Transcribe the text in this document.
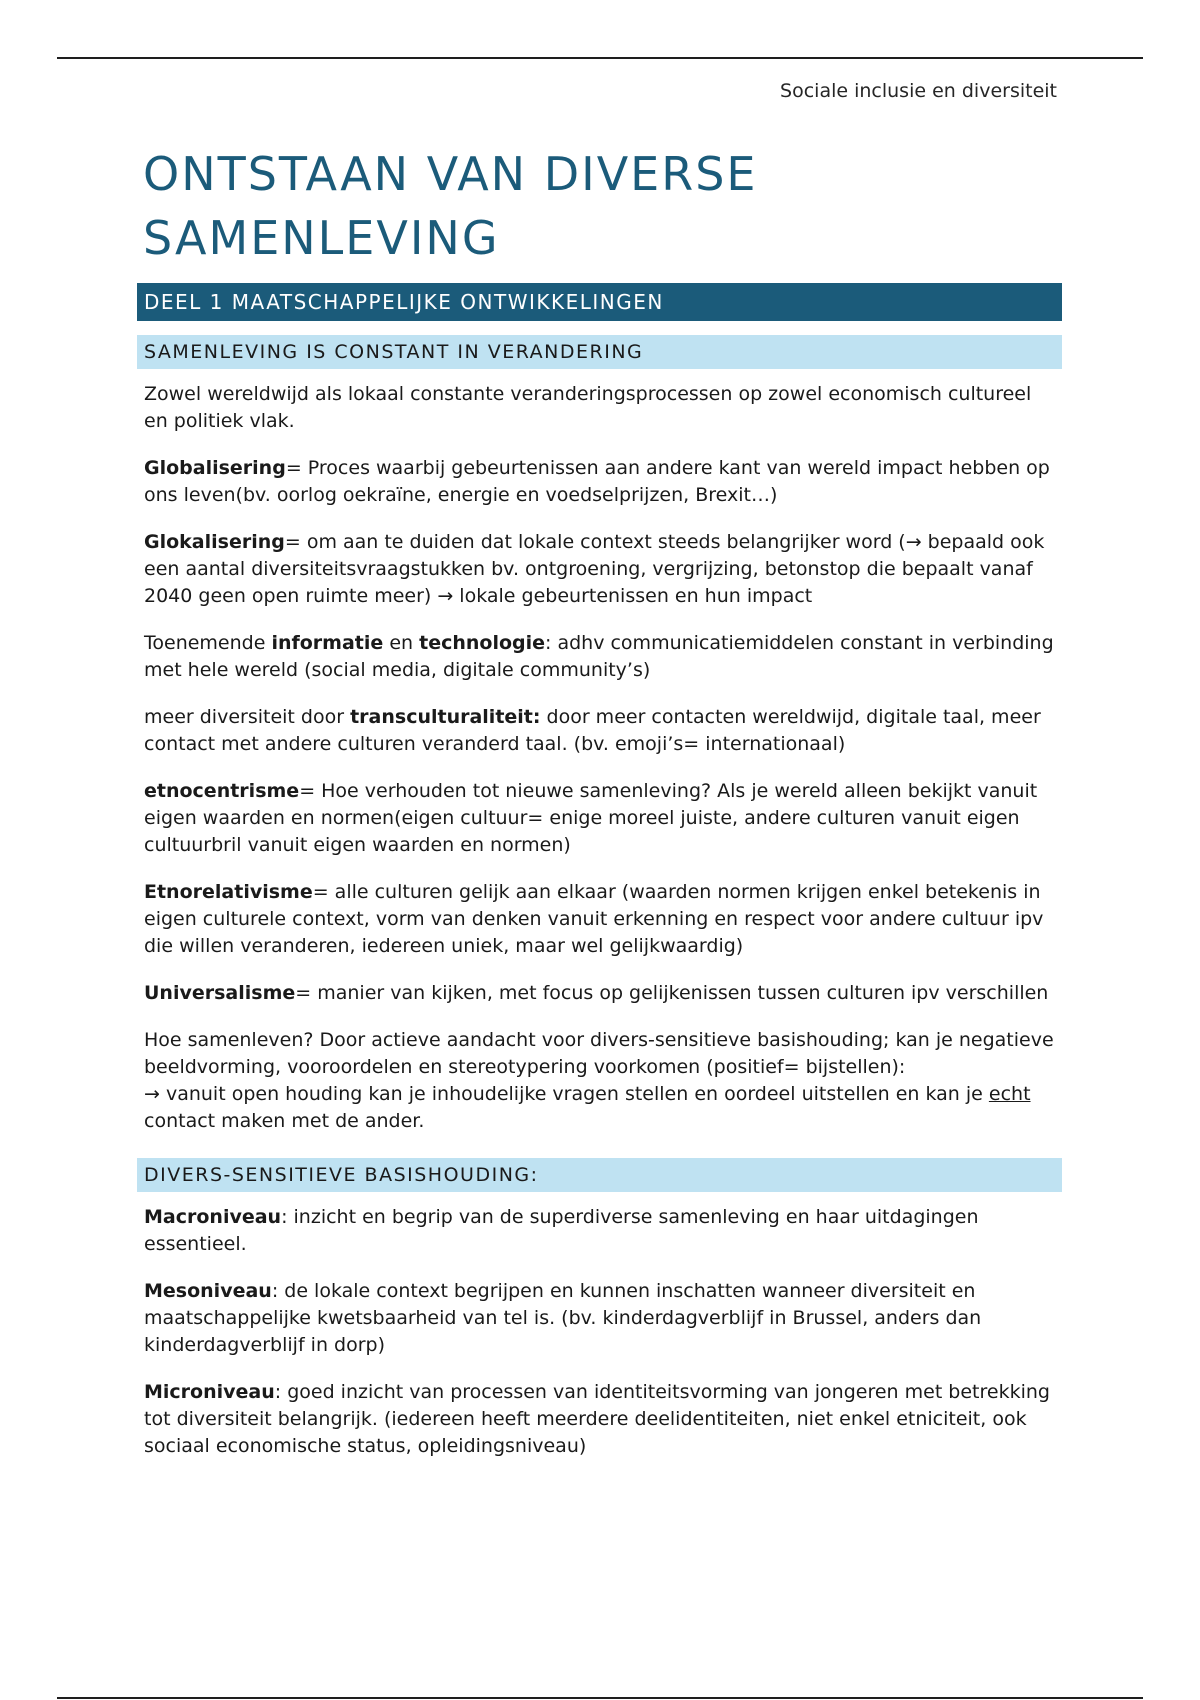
Sociale inclusie en diversiteit
ONTSTAAN VAN DIVERSE
SAMENLEVING
DEEL 1 MAATSCHAPPELIJKE ONTWIKKELINGEN
SAMENLEVING IS CONSTANT IN VERANDERING

Zowel wereldwijd als lokaal constante veranderingsprocessen op zowel economisch cultureel en politiek vlak.

Globalisering= Proces waarbij gebeurtenissen aan andere kant van wereld impact hebben op ons leven(bv. oorlog oekraïne, energie en voedselprijzen, Brexit…)

Glokalisering= om aan te duiden dat lokale context steeds belangrijker word (→ bepaald ook een aantal diversiteitsvraagstukken bv. ontgroening, vergrijzing, betonstop die bepaalt vanaf 2040 geen open ruimte meer) → lokale gebeurtenissen en hun impact

Toenemende informatie en technologie: adhv communicatiemiddelen constant in verbinding met hele wereld (social media, digitale community’s)

meer diversiteit door transculturaliteit: door meer contacten wereldwijd, digitale taal, meer contact met andere culturen veranderd taal. (bv. emoji’s= internationaal)

etnocentrisme= Hoe verhouden tot nieuwe samenleving? Als je wereld alleen bekijkt vanuit eigen waarden en normen(eigen cultuur= enige moreel juiste, andere culturen vanuit eigen cultuurbril vanuit eigen waarden en normen)

Etnorelativisme= alle culturen gelijk aan elkaar (waarden normen krijgen enkel betekenis in eigen culturele context, vorm van denken vanuit erkenning en respect voor andere cultuur ipv die willen veranderen, iedereen uniek, maar wel gelijkwaardig)

Universalisme= manier van kijken, met focus op gelijkenissen tussen culturen ipv verschillen

Hoe samenleven? Door actieve aandacht voor divers-sensitieve basishouding; kan je negatieve beeldvorming, vooroordelen en stereotypering voorkomen (positief= bijstellen):

→ vanuit open houding kan je inhoudelijke vragen stellen en oordeel uitstellen en kan je echt contact maken met de ander.

DIVERS-SENSITIEVE BASISHOUDING:

Macroniveau: inzicht en begrip van de superdiverse samenleving en haar uitdagingen essentieel.

Mesoniveau: de lokale context begrijpen en kunnen inschatten wanneer diversiteit en maatschappelijke kwetsbaarheid van tel is. (bv. kinderdagverblijf in Brussel, anders dan kinderdagverblijf in dorp)

Microniveau: goed inzicht van processen van identiteitsvorming van jongeren met betrekking tot diversiteit belangrijk. (iedereen heeft meerdere deelidentiteiten, niet enkel etniciteit, ook sociaal economische status, opleidingsniveau)
